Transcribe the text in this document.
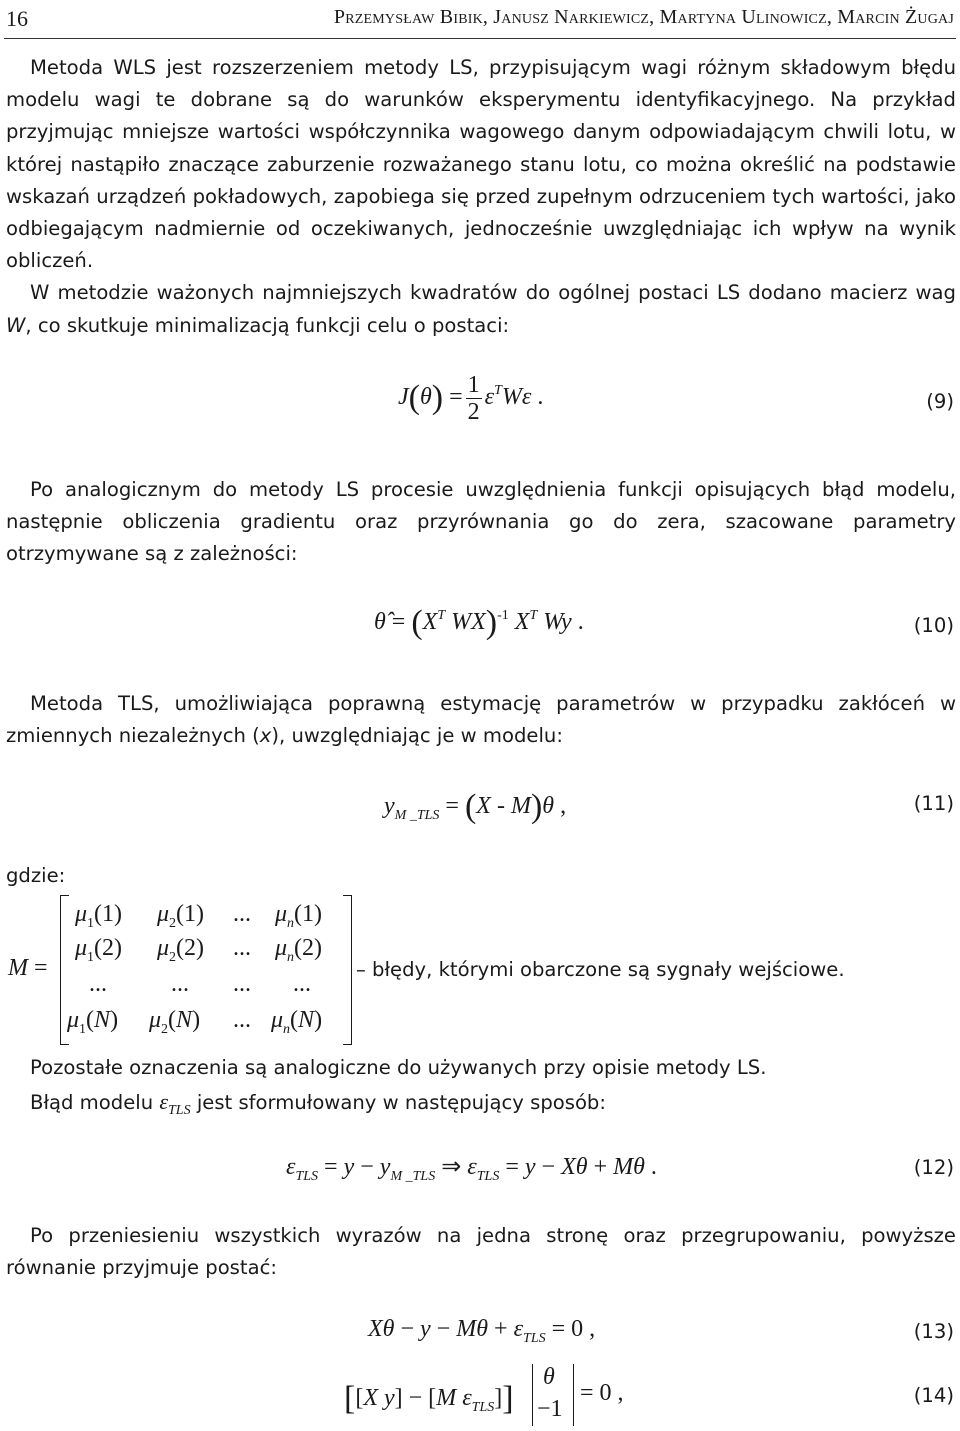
16	Przemysław Bibik, Janusz Narkiewicz, Martyna Ulinowicz, Marcin Żugaj

Metoda WLS jest rozszerzeniem metody LS, przypisującym wagi różnym składowym błędu modelu wagi te dobrane są do warunków eksperymentu identyfikacyjnego. Na przykład przyjmując mniejsze wartości współczynnika wagowego danym odpowiadającym chwili lotu, w której nastąpiło znaczące zaburzenie rozważanego stanu lotu, co można określić na podstawie wskazań urządzeń pokładowych, zapobiega się przed zupełnym odrzuceniem tych wartości, jako odbiegającym nadmiernie od oczekiwanych, jednocześnie uwzględniając ich wpływ na wynik obliczeń.

W metodzie ważonych najmniejszych kwadratów do ogólnej postaci LS dodano macierz wag W, co skutkuje minimalizacją funkcji celu o postaci:

$J(\theta) = \frac{1}{2} \varepsilon^TW\varepsilon$ .	(9)

Po analogicznym do metody LS procesie uwzględnienia funkcji opisujących błąd modelu, następnie obliczenia gradientu oraz przyrównania go do zera, szacowane parametry otrzymywane są z zależności:

θ̂ = ($X^T$ WX)$^{-1}$ $X^T$ Wy .	(10)

Metoda TLS, umożliwiająca poprawną estymację parametrów w przypadku zakłóceń w zmiennych niezależnych (x), uwzględniając je w modelu:

$y_{M \_TLS} = (X - M)\theta$ ,	(11)
gdzie:
M =
$\mu_1(1)$ $\mu_2(1)$ ... $\mu_n(1)$
$\mu_1(2)$ $\mu_2(2)$ ... $\mu_n(2)$
...	... ... ...
$\mu_1(N)$ $\mu_2(N)$ ... $\mu_n(N)$
– błędy, którymi obarczone są sygnały wejściowe.
Pozostałe oznaczenia są analogiczne do używanych przy opisie metody LS.
Błąd modelu $\varepsilon_{TLS}$ jest sformułowany w następujący sposób:
$\varepsilon_{TLS} = y - y_{M \_TLS}$ ⇒ $\varepsilon_{TLS} = y - X\theta + M\theta$ .	(12)

Po przeniesieniu wszystkich wyrazów na jedna stronę oraz przegrupowaniu, powyższe równanie przyjmuje postać:

$X\theta - y - M\theta + \varepsilon_{TLS} = 0$ ,	(13)
[[X y] − [M $\varepsilon_{TLS}$]]
θ
−1
= 0 ,	(14)
